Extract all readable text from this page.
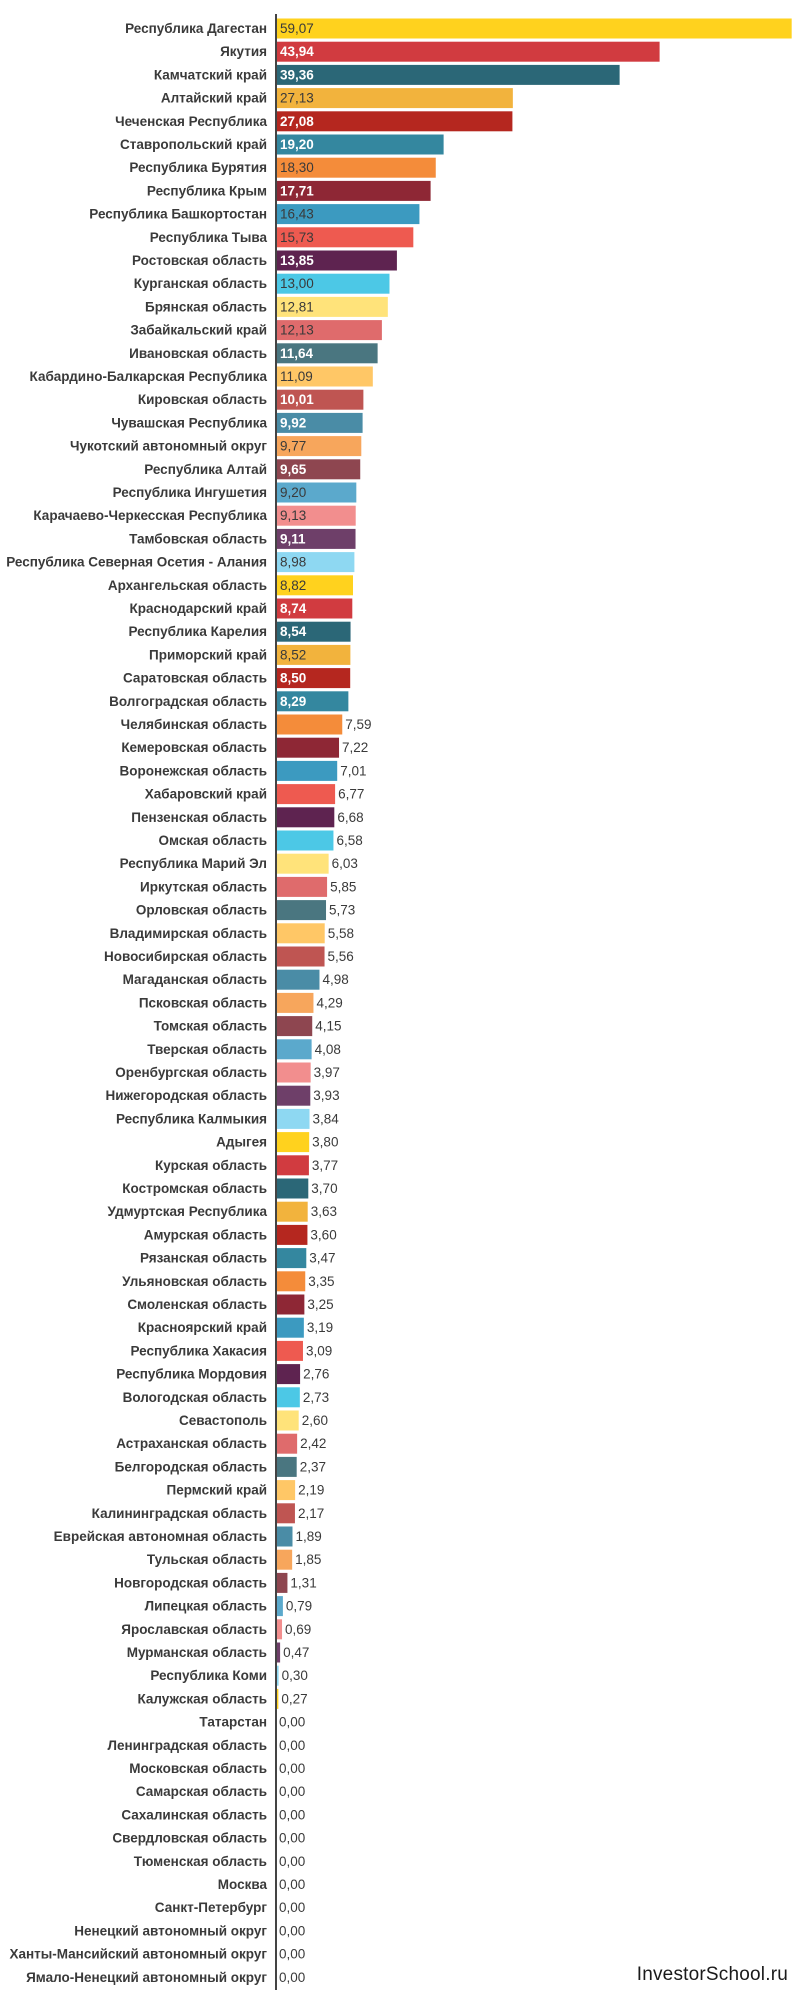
Республика Дагестан 59,07
Якутия 43,94
Камчатский край 39,36
Алтайский край 27,13
Чеченская Республика 27,08
Ставропольский край 19,20
Республика Бурятия 18,30
Республика Крым 17,71
Республика Башкортостан 16,43
Республика Тыва 15,73
Ростовская область 13,85
Курганская область 13,00
Брянская область 12,81
Забайкальский край 12,13
Ивановская область 11,64
Кабардино-Балкарская Республика 11,09
Кировская область 10,01
Чувашская Республика 9,92
Чукотский автономный округ 9,77
Республика Алтай 9,65
Республика Ингушетия 9,20
Карачаево-Черкесская Республика 9,13
Тамбовская область 9,11
Республика Северная Осетия - Алания 8,98
Архангельская область 8,82
Краснодарский край 8,74
Республика Карелия 8,54
Приморский край 8,52
Саратовская область 8,50
Волгоградская область 8,29
Челябинская область	7,59
Кемеровская область	7,22
Воронежская область	7,01
Хабаровский край	6,77
Пензенская область	6,68
Омская область	6,58
Республика Марий Эл	6,03
Иркутская область	5,85
Орловская область	5,73
Владимирская область	5,58
Новосибирская область	5,56
Магаданская область	4,98
Псковская область	4,29
Томская область	4,15
Тверская область	4,08
Оренбургская область	3,97
Нижегородская область	3,93
Республика Калмыкия	3,84
Адыгея	3,80
Курская область	3,77
Костромская область	3,70
Удмуртская Республика	3,63
Амурская область	3,60
Рязанская область	3,47
Ульяновская область	3,35
Смоленская область	3,25
Красноярский край	3,19
Республика Хакасия	3,09
Республика Мордовия	2,76
Вологодская область	2,73
Севастополь	2,60
Астраханская область 2,42
Белгородская область 2,37
Пермский край 2,19
Калининградская область 2,17
Еврейская автономная область 1,89
Тульская область 1,85
Новгородская область 1,31
Липецкая область 0,79
Ярославская область 0,69
Мурманская область 0,47
Республика Коми 0,30
Калужская область 0,27
Татарстан 0,00
Ленинградская область 0,00
Московская область 0,00
Самарская область 0,00
Сахалинская область 0,00
Свердловская область 0,00
Тюменская область 0,00
Москва 0,00
Санкт-Петербург 0,00
Ненецкий автономный округ 0,00
Ханты-Мансийский автономный округ 0,00
Ямало-Ненецкий автономный округ 0,00	InvestorSchool.ru
